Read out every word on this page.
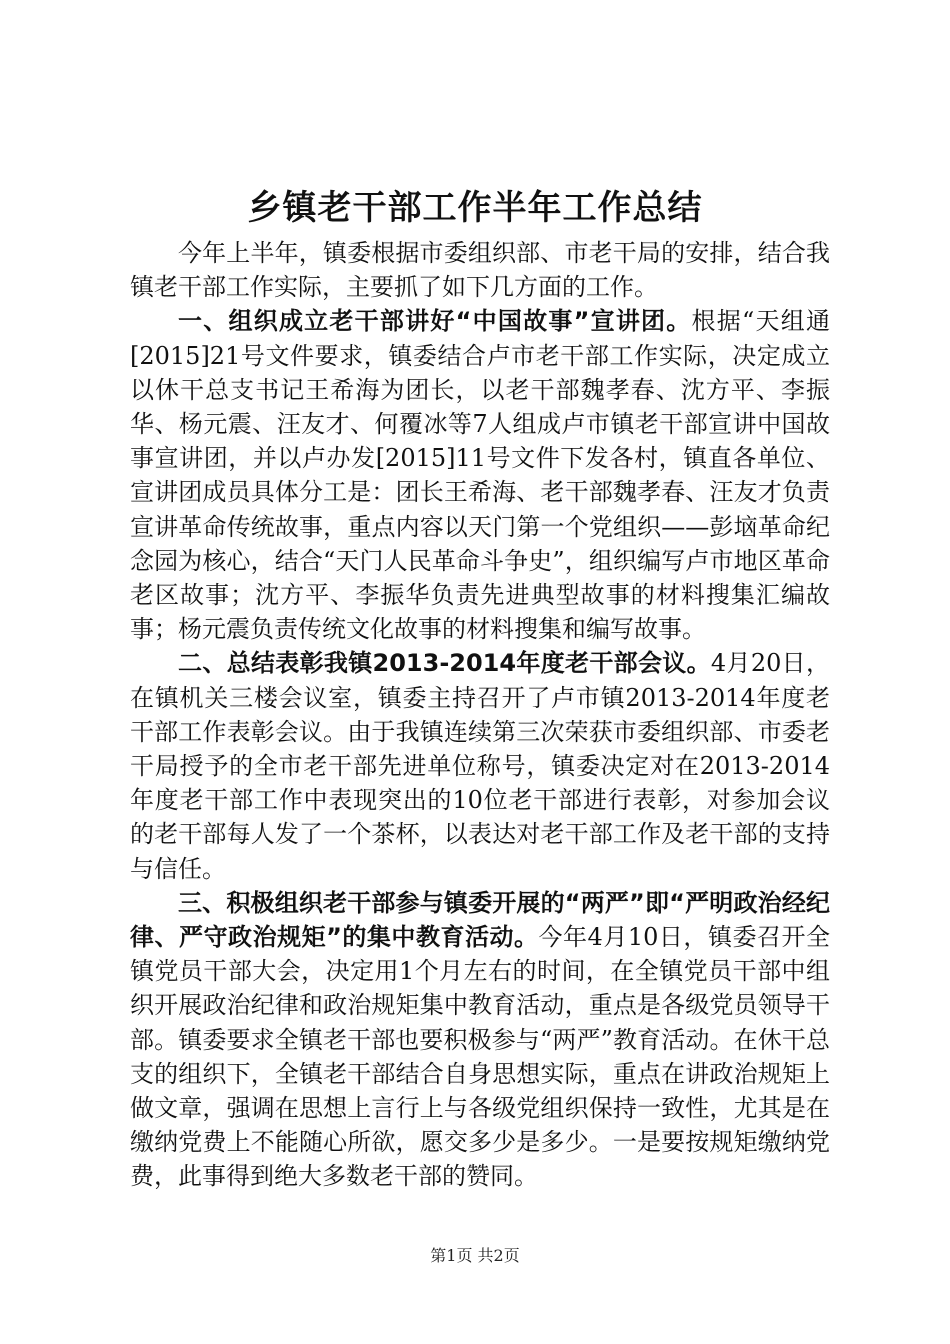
乡镇老干部工作半年工作总结

今年上半年，镇委根据市委组织部、市老干局的安排，结合我镇老干部工作实际，主要抓了如下几方面的工作。

一、组织成立老干部讲好“中国故事”宣讲团。根据“天组通[2015]21号文件要求，镇委结合卢市老干部工作实际，决定成立以休干总支书记王希海为团长，以老干部魏孝春、沈方平、李振华、杨元震、汪友才、何覆冰等7人组成卢市镇老干部宣讲中国故事宣讲团，并以卢办发[2015]11号文件下发各村，镇直各单位、宣讲团成员具体分工是：团长王希海、老干部魏孝春、汪友才负责宣讲革命传统故事，重点内容以天门第一个党组织——彭垴革命纪念园为核心，结合“天门人民革命斗争史”，组织编写卢市地区革命老区故事；沈方平、李振华负责先进典型故事的材料搜集汇编故事；杨元震负责传统文化故事的材料搜集和编写故事。

二、总结表彰我镇2013-2014年度老干部会议。4月20日，在镇机关三楼会议室，镇委主持召开了卢市镇2013-2014年度老干部工作表彰会议。由于我镇连续第三次荣获市委组织部、市委老干局授予的全市老干部先进单位称号，镇委决定对在2013-2014年度老干部工作中表现突出的10位老干部进行表彰，对参加会议的老干部每人发了一个茶杯，以表达对老干部工作及老干部的支持与信任。

三、积极组织老干部参与镇委开展的“两严”即“严明政治经纪律、严守政治规矩”的集中教育活动。今年4月10日，镇委召开全镇党员干部大会，决定用1个月左右的时间，在全镇党员干部中组织开展政治纪律和政治规矩集中教育活动，重点是各级党员领导干部。镇委要求全镇老干部也要积极参与“两严”教育活动。在休干总支的组织下，全镇老干部结合自身思想实际，重点在讲政治规矩上做文章，强调在思想上言行上与各级党组织保持一致性，尤其是在缴纳党费上不能随心所欲，愿交多少是多少。一是要按规矩缴纳党费，此事得到绝大多数老干部的赞同。

第1页 共2页
